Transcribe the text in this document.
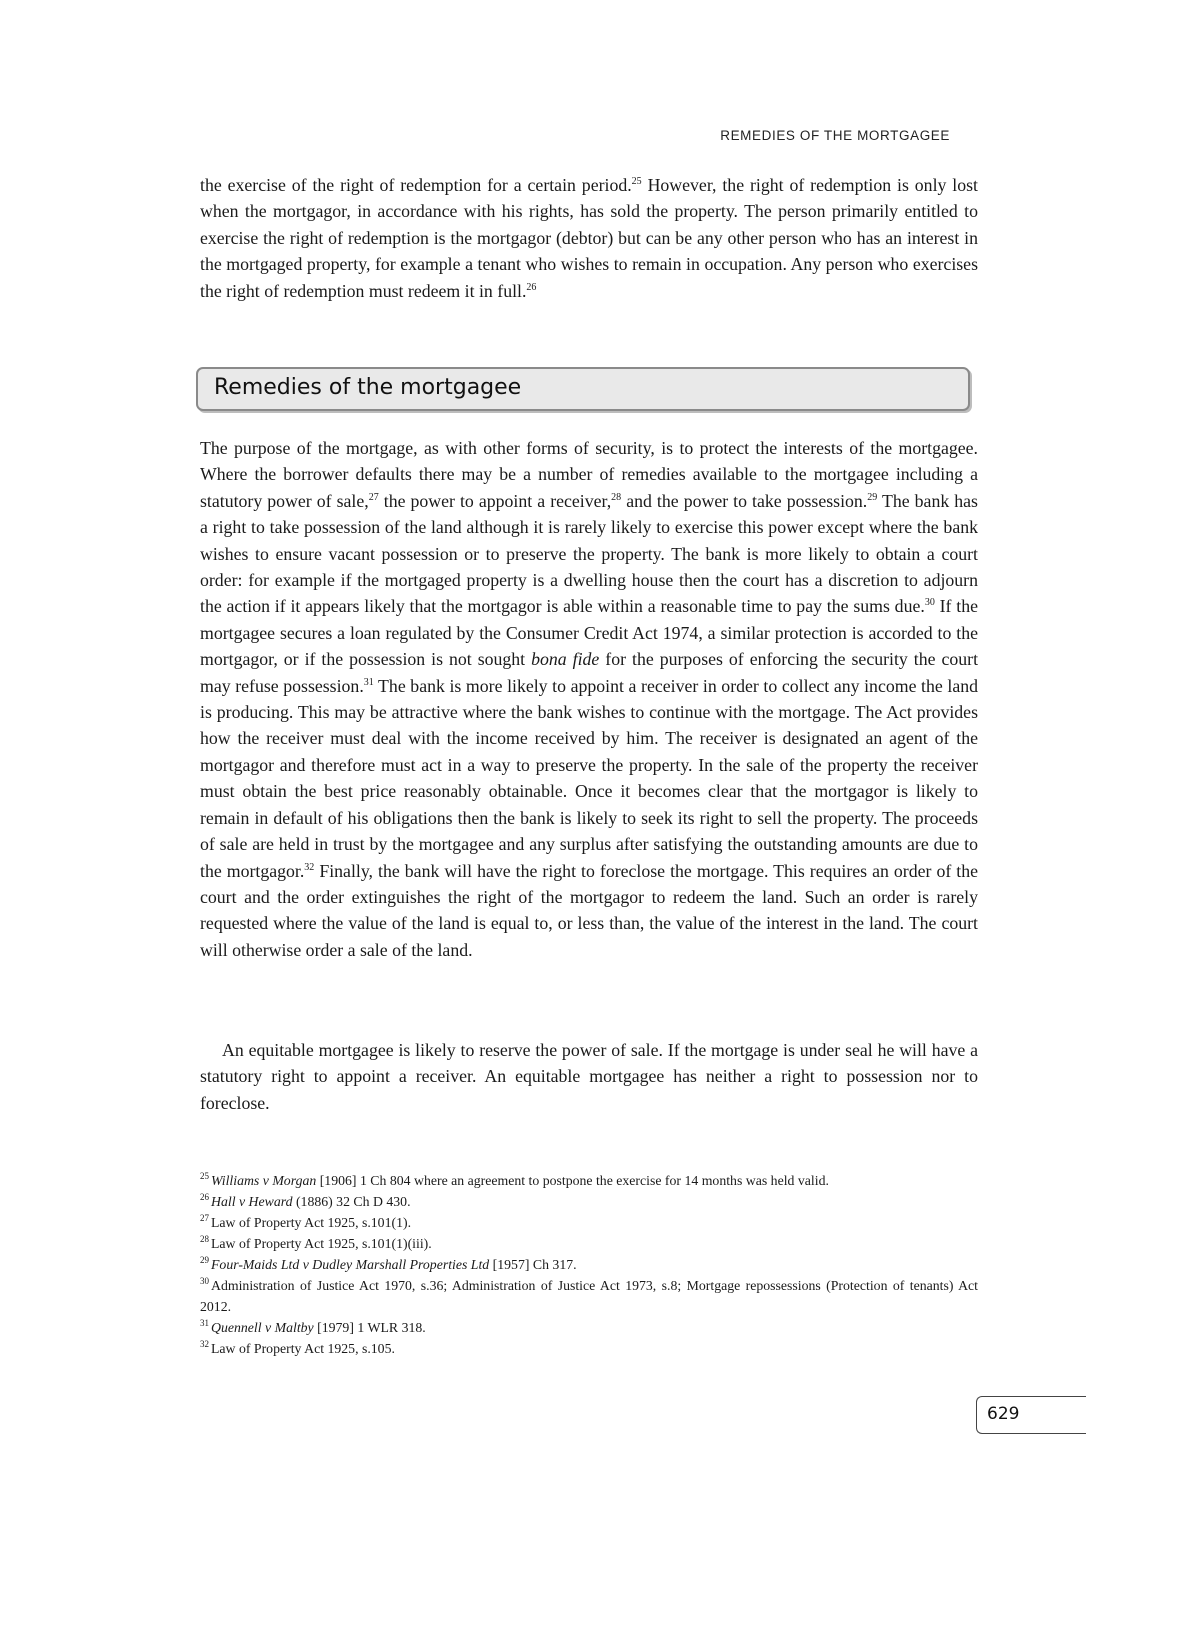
REMEDIES OF THE MORTGAGEE

the exercise of the right of redemption for a certain period.$^{25}$ However, the right of redemption is only lost when the mortgagor, in accordance with his rights, has sold the property. The person primarily entitled to exercise the right of redemption is the mortgagor (debtor) but can be any other person who has an interest in the mortgaged property, for example a tenant who wishes to remain in occupation. Any person who exercises the right of redemption must redeem it in full.$^{26}$

Remedies of the mortgagee

The purpose of the mortgage, as with other forms of security, is to protect the interests of the mortgagee. Where the borrower defaults there may be a number of remedies available to the mortgagee including a statutory power of sale,$^{27}$ the power to appoint a receiver,$^{28}$ and the power to take possession.$^{29}$ The bank has a right to take possession of the land although it is rarely likely to exercise this power except where the bank wishes to ensure vacant possession or to preserve the property. The bank is more likely to obtain a court order: for example if the mortgaged property is a dwelling house then the court has a discretion to adjourn the action if it appears likely that the mortgagor is able within a reasonable time to pay the sums due.$^{30}$ If the mortgagee secures a loan regulated by the Consumer Credit Act 1974, a similar protection is accorded to the mortgagor, or if the possession is not sought bona fide for the purposes of enforcing the security the court may refuse possession.$^{31}$ The bank is more likely to appoint a receiver in order to collect any income the land is producing. This may be attractive where the bank wishes to continue with the mortgage. The Act provides how the receiver must deal with the income received by him. The receiver is designated an agent of the mortgagor and therefore must act in a way to preserve the property. In the sale of the property the receiver must obtain the best price reasonably obtainable. Once it becomes clear that the mortgagor is likely to remain in default of his obligations then the bank is likely to seek its right to sell the property. The proceeds of sale are held in trust by the mortgagee and any surplus after satisfying the outstanding amounts are due to the mortgagor.$^{32}$ Finally, the bank will have the right to foreclose the mortgage. This requires an order of the court and the order extinguishes the right of the mortgagor to redeem the land. Such an order is rarely requested where the value of the land is equal to, or less than, the value of the interest in the land. The court will otherwise order a sale of the land.

An equitable mortgagee is likely to reserve the power of sale. If the mortgage is under seal he will have a statutory right to appoint a receiver. An equitable mortgagee has neither a right to possession nor to foreclose.

$^{25}$ Williams v Morgan [1906] 1 Ch 804 where an agreement to postpone the exercise for 14 months was held valid.
$^{26}$ Hall v Heward (1886) 32 Ch D 430.
$^{27}$ Law of Property Act 1925, s.101(1).
$^{28}$ Law of Property Act 1925, s.101(1)(iii).
$^{29}$ Four-Maids Ltd v Dudley Marshall Properties Ltd [1957] Ch 317.
$^{30}$ Administration of Justice Act 1970, s.36; Administration of Justice Act 1973, s.8; Mortgage repossessions (Protection of tenants) Act 2012.
$^{31}$ Quennell v Maltby [1979] 1 WLR 318.
$^{32}$ Law of Property Act 1925, s.105.
629
